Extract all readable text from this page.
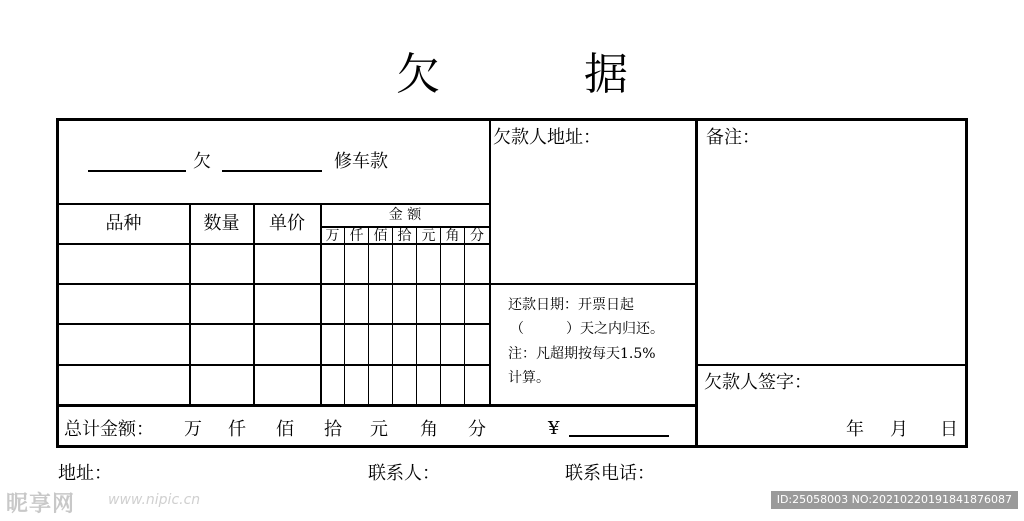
欠　据
欠	修车款
品种	数量	单价	金 额
万 仟 佰 拾 元 角 分
总计金额： 万 仟 佰 拾 元 角 分	¥
欠款人地址：
还款日期：开票日起
（　　　）天之内归还。
注：凡超期按每天1.5%
计算。
备注：
欠款人签字：
年 月 日
地址：	联系人：	联系电话：
昵享网 www.nipic.cn	ID:25058003 NO:20210220191841876087
